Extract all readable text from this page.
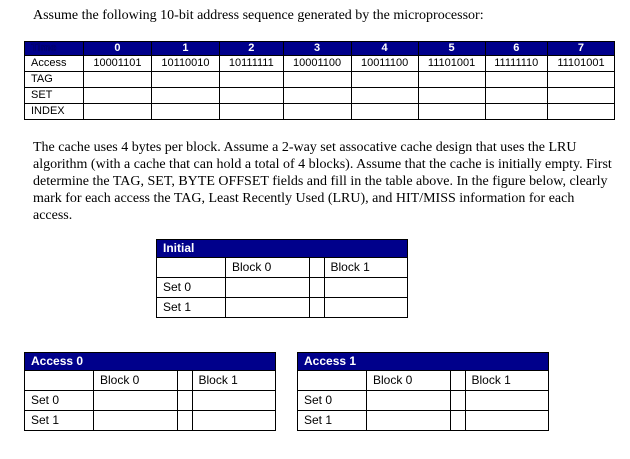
Assume the following 10-bit address sequence generated by the microprocessor:
Time	0	1	2	3	4	5	6	7
Access	10001101	10110010	10111111	10001100	10011100	11101001	11111110	11101001
TAG								
SET								
INDEX								
The cache uses 4 bytes per block. Assume a 2-way set assocative cache design that uses the LRU algorithm (with a cache that can hold a total of 4 blocks). Assume that the cache is initially empty. First determine the TAG, SET, BYTE OFFSET fields and fill in the table above. In the figure below, clearly mark for each access the TAG, Least Recently Used (LRU), and HIT/MISS information for each access.
Initial			
	Block 0		Block 1
Set 0			
Set 1			
Access 0			
	Block 0		Block 1
Set 0			
Set 1			
Access 1			
	Block 0		Block 1
Set 0			
Set 1			
